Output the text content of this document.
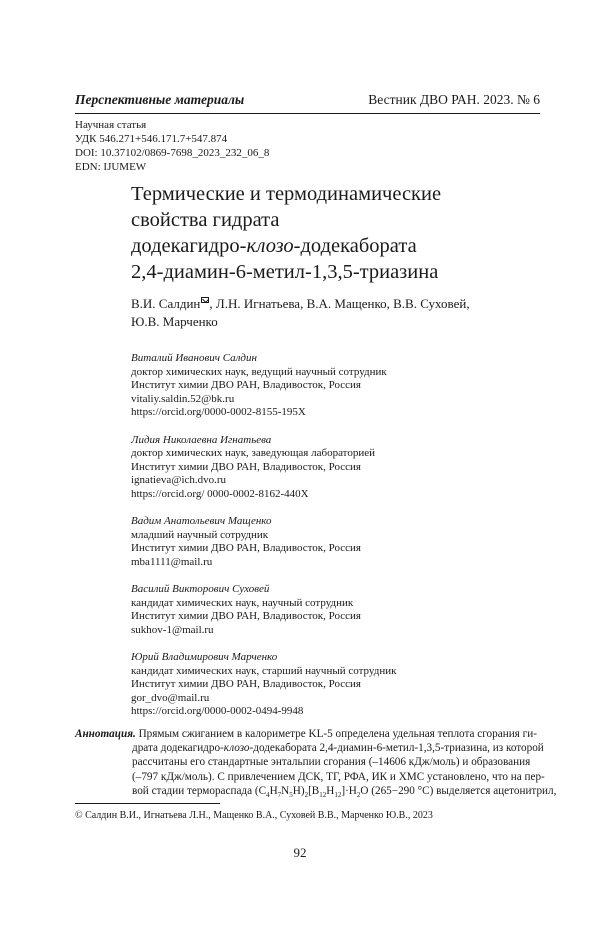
Перспективные материалы	Вестник ДВО РАН. 2023. № 6
Научная статья
УДК 546.271+546.171.7+547.874
DOI: 10.37102/0869-7698_2023_232_06_8
EDN: IJUMEW
Термические и термодинамические
свойства гидрата
додекагидро-клозо-додекабората
2,4-диамин-6-метил-1,3,5-триазина
В.И. Салдин , Л.Н. Игнатьева, В.А. Мащенко, В.В. Суховей,
Ю.В. Марченко
Виталий Иванович Салдин
доктор химических наук, ведущий научный сотрудник
Институт химии ДВО РАН, Владивосток, Россия
vitaliy.saldin.52@bk.ru
https://orcid.org/0000-0002-8155-195X
Лидия Николаевна Игнатьева
доктор химических наук, заведующая лабораторией
Институт химии ДВО РАН, Владивосток, Россия
ignatieva@ich.dvo.ru
https://orcid.org/ 0000-0002-8162-440X
Вадим Анатольевич Мащенко
младший научный сотрудник
Институт химии ДВО РАН, Владивосток, Россия
mba1111@mail.ru
Василий Викторович Суховей
кандидат химических наук, научный сотрудник
Институт химии ДВО РАН, Владивосток, Россия
sukhov-1@mail.ru
Юрий Владимирович Марченко
кандидат химических наук, старший научный сотрудник
Институт химии ДВО РАН, Владивосток, Россия
gor_dvo@mail.ru
https://orcid.org/0000-0002-0494-9948
Аннотация. Прямым сжиганием в калориметре KL-5 определена удельная теплота сгорания ги-
драта додекагидро-клозо-додекабората 2,4-диамин-6-метил-1,3,5-триазина, из которой
рассчитаны его стандартные энтальпии сгорания (–14606 кДж/моль) и образования
(–797 кДж/моль). С привлечением ДСК, ТГ, РФА, ИК и ХМС установлено, что на пер-
вой стадии термораспада $(C_4H_7N_5H)_2[B_{12}H_{12}]\cdot H_2O$ (265−290 °С) выделяется ацетонитрил,
© Салдин В.И., Игнатьева Л.Н., Мащенко В.А., Суховей В.В., Марченко Ю.В., 2023
92
